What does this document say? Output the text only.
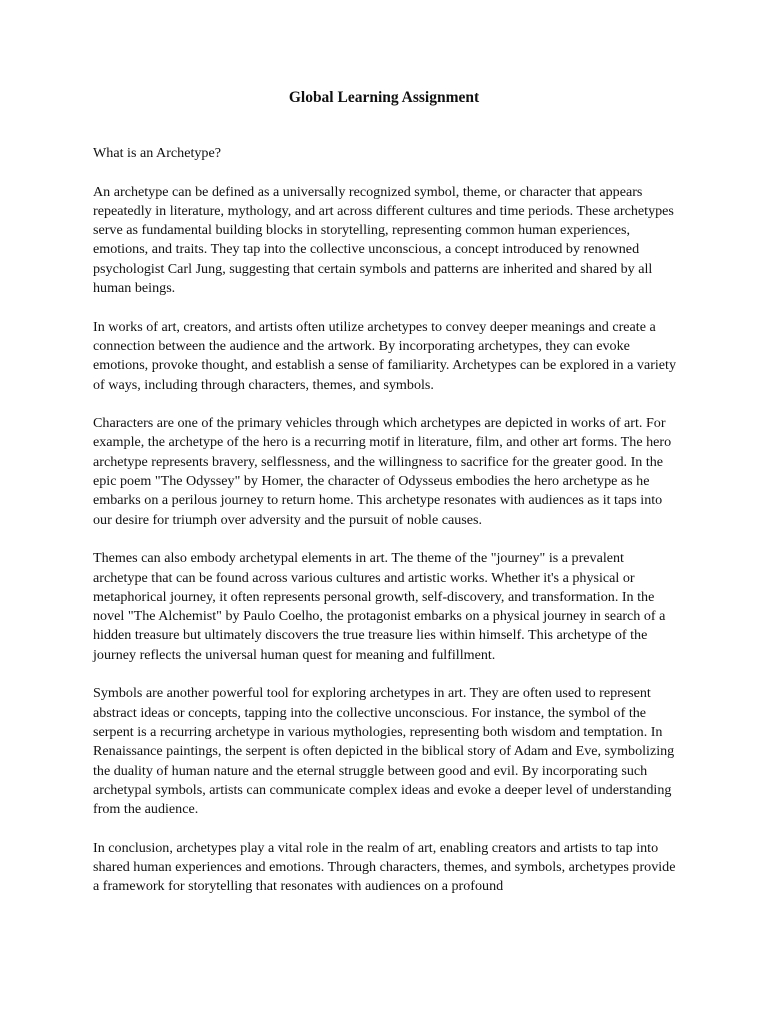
Global Learning Assignment

What is an Archetype?

An archetype can be defined as a universally recognized symbol, theme, or character that appears repeatedly in literature, mythology, and art across different cultures and time periods. These archetypes serve as fundamental building blocks in storytelling, representing common human experiences, emotions, and traits. They tap into the collective unconscious, a concept introduced by renowned psychologist Carl Jung, suggesting that certain symbols and patterns are inherited and shared by all human beings.

In works of art, creators, and artists often utilize archetypes to convey deeper meanings and create a connection between the audience and the artwork. By incorporating archetypes, they can evoke emotions, provoke thought, and establish a sense of familiarity. Archetypes can be explored in a variety of ways, including through characters, themes, and symbols.

Characters are one of the primary vehicles through which archetypes are depicted in works of art. For example, the archetype of the hero is a recurring motif in literature, film, and other art forms. The hero archetype represents bravery, selflessness, and the willingness to sacrifice for the greater good. In the epic poem "The Odyssey" by Homer, the character of Odysseus embodies the hero archetype as he embarks on a perilous journey to return home. This archetype resonates with audiences as it taps into our desire for triumph over adversity and the pursuit of noble causes.

Themes can also embody archetypal elements in art. The theme of the "journey" is a prevalent archetype that can be found across various cultures and artistic works. Whether it's a physical or metaphorical journey, it often represents personal growth, self-discovery, and transformation. In the novel "The Alchemist" by Paulo Coelho, the protagonist embarks on a physical journey in search of a hidden treasure but ultimately discovers the true treasure lies within himself. This archetype of the journey reflects the universal human quest for meaning and fulfillment.

Symbols are another powerful tool for exploring archetypes in art. They are often used to represent abstract ideas or concepts, tapping into the collective unconscious. For instance, the symbol of the serpent is a recurring archetype in various mythologies, representing both wisdom and temptation. In Renaissance paintings, the serpent is often depicted in the biblical story of Adam and Eve, symbolizing the duality of human nature and the eternal struggle between good and evil. By incorporating such archetypal symbols, artists can communicate complex ideas and evoke a deeper level of understanding from the audience.

In conclusion, archetypes play a vital role in the realm of art, enabling creators and artists to tap into shared human experiences and emotions. Through characters, themes, and symbols, archetypes provide a framework for storytelling that resonates with audiences on a profound
